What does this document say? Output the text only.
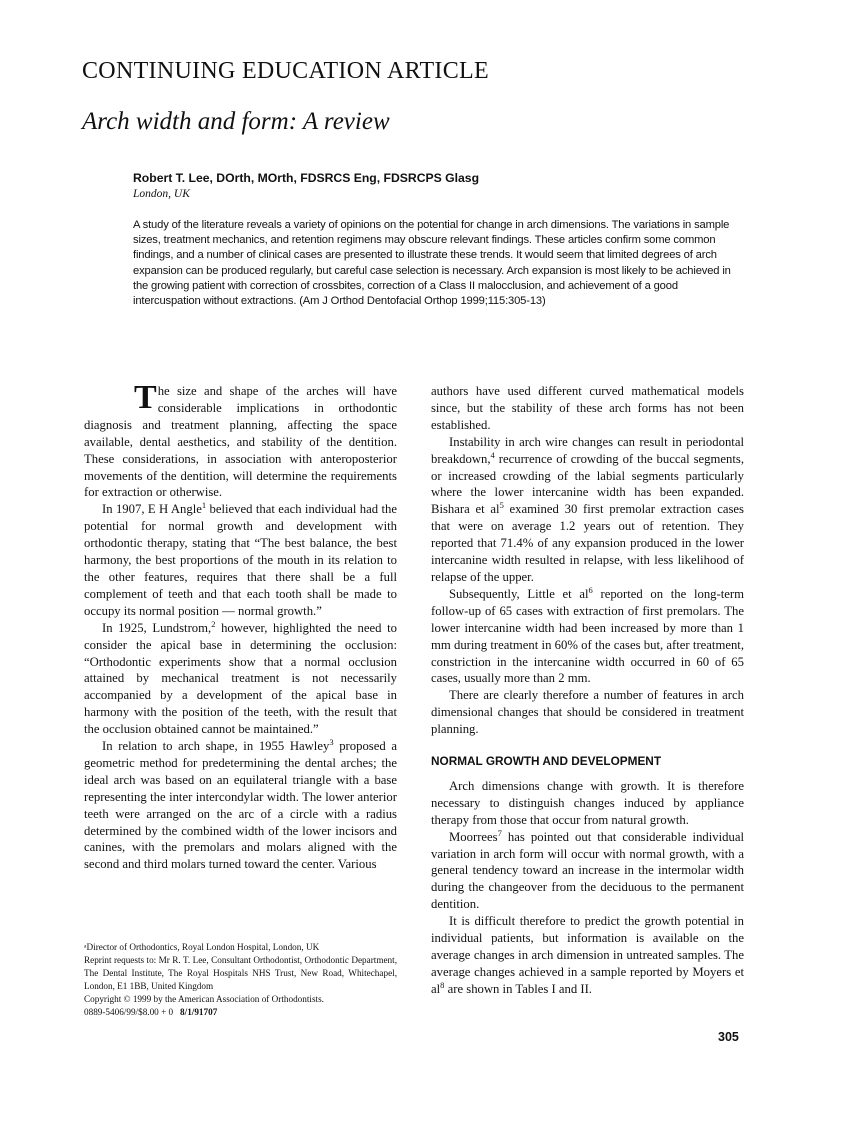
CONTINUING EDUCATION ARTICLE
Arch width and form: A review
Robert T. Lee, DOrth, MOrth, FDSRCS Eng, FDSRCPS Glasg
London, UK
A study of the literature reveals a variety of opinions on the potential for change in arch dimensions. The variations in sample sizes, treatment mechanics, and retention regimens may obscure relevant findings. These articles confirm some common findings, and a number of clinical cases are presented to illustrate these trends. It would seem that limited degrees of arch expansion can be produced regularly, but careful case selection is necessary. Arch expansion is most likely to be achieved in the growing patient with correction of crossbites, correction of a Class II malocclusion, and achievement of a good intercuspation without extractions. (Am J Orthod Dentofacial Orthop 1999;115:305-13)

The size and shape of the arches will have considerable implications in orthodontic diagnosis and treatment planning, affecting the space available, dental aesthetics, and stability of the dentition. These considerations, in association with anteroposterior movements of the dentition, will determine the requirements for extraction or otherwise.

In 1907, E H Angle$^1$ believed that each individual had the potential for normal growth and development with orthodontic therapy, stating that “The best balance, the best harmony, the best proportions of the mouth in its relation to the other features, requires that there shall be a full complement of teeth and that each tooth shall be made to occupy its normal position — normal growth.”

In 1925, Lundstrom,$^2$ however, highlighted the need to consider the apical base in determining the occlusion: “Orthodontic experiments show that a normal occlusion attained by mechanical treatment is not necessarily accompanied by a development of the apical base in harmony with the position of the teeth, with the result that the occlusion obtained cannot be maintained.”

In relation to arch shape, in 1955 Hawley$^3$ proposed a geometric method for predetermining the dental arches; the ideal arch was based on an equilateral triangle with a base representing the inter intercondylar width. The lower anterior teeth were arranged on the arc of a circle with a radius determined by the combined width of the lower incisors and canines, with the premolars and molars aligned with the second and third molars turned toward the center. Various

ᵃDirector of Orthodontics, Royal London Hospital, London, UK
Reprint requests to: Mr R. T. Lee, Consultant Orthodontist, Orthodontic Department, The Dental Institute, The Royal Hospitals NHS Trust, New Road, Whitechapel, London, E1 1BB, United Kingdom
Copyright © 1999 by the American Association of Orthodontists.
0889-5406/99/$8.00 + 0 8/1/91707

authors have used different curved mathematical models since, but the stability of these arch forms has not been established.

Instability in arch wire changes can result in periodontal breakdown,$^4$ recurrence of crowding of the buccal segments, or increased crowding of the labial segments particularly where the lower intercanine width has been expanded. Bishara et $al^5$ examined 30 first premolar extraction cases that were on average 1.2 years out of retention. They reported that 71.4% of any expansion produced in the lower intercanine width resulted in relapse, with less likelihood of relapse of the upper.

Subsequently, Little et $al^6$ reported on the long-term follow-up of 65 cases with extraction of first premolars. The lower intercanine width had been increased by more than 1 mm during treatment in 60% of the cases but, after treatment, constriction in the intercanine width occurred in 60 of 65 cases, usually more than 2 mm.

There are clearly therefore a number of features in arch dimensional changes that should be considered in treatment planning.

NORMAL GROWTH AND DEVELOPMENT

Arch dimensions change with growth. It is therefore necessary to distinguish changes induced by appliance therapy from those that occur from natural growth.

Moorrees$^7$ has pointed out that considerable individual variation in arch form will occur with normal growth, with a general tendency toward an increase in the intermolar width during the changeover from the deciduous to the permanent dentition.

It is difficult therefore to predict the growth potential in individual patients, but information is available on the average changes in arch dimension in untreated samples. The average changes achieved in a sample reported by Moyers et $al^8$ are shown in Tables I and II.

305
